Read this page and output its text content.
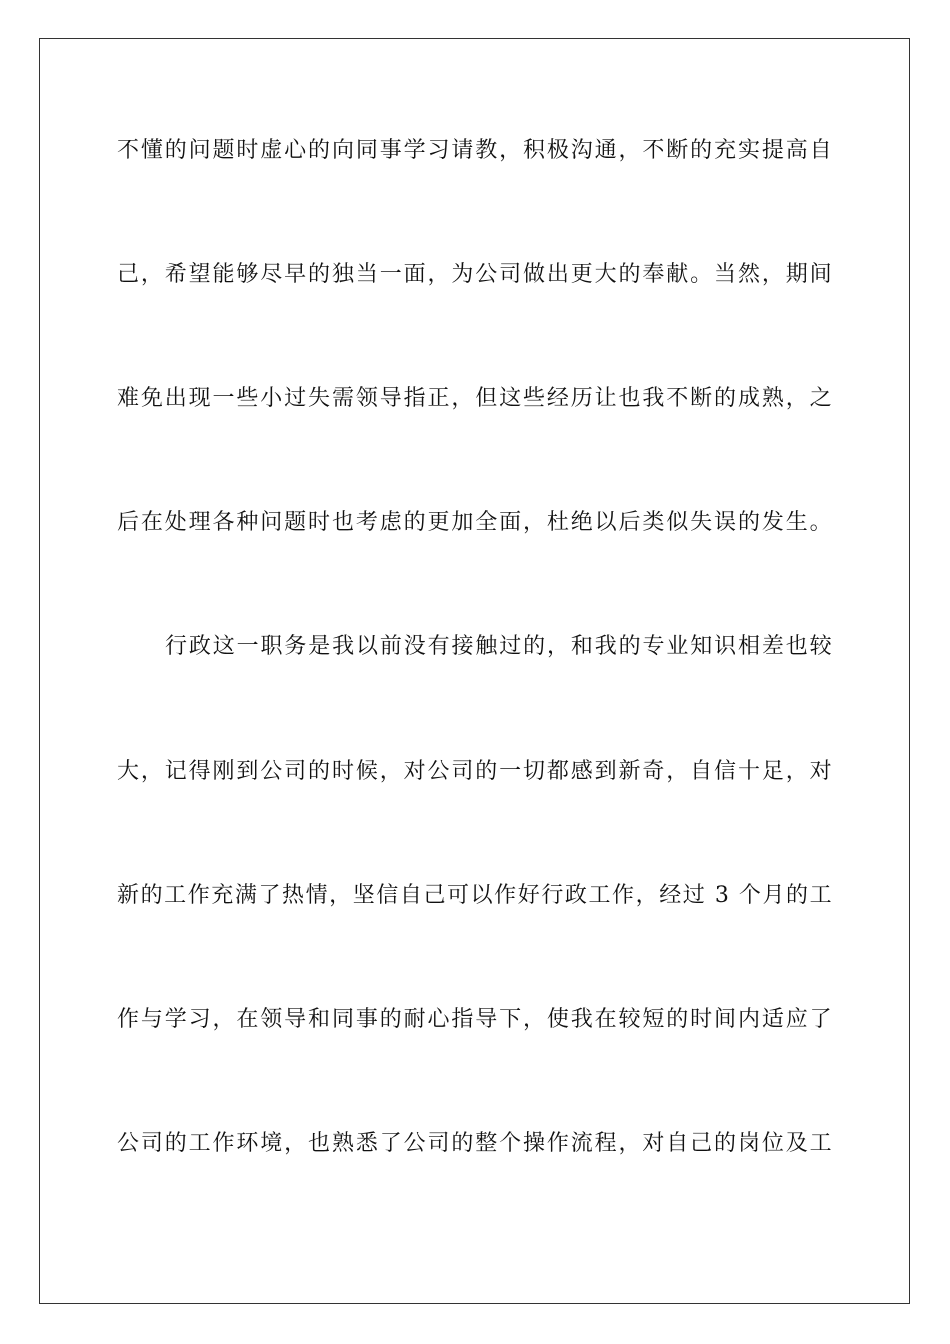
不懂的问题时虚心的向同事学习请教，积极沟通，不断的充实提高自
己，希望能够尽早的独当一面，为公司做出更大的奉献。当然，期间
难免出现一些小过失需领导指正，但这些经历让也我不断的成熟，之
后在处理各种问题时也考虑的更加全面，杜绝以后类似失误的发生。
行政这一职务是我以前没有接触过的，和我的专业知识相差也较
大，记得刚到公司的时候，对公司的一切都感到新奇，自信十足，对
新的工作充满了热情，坚信自己可以作好行政工作，经过 3 个月的工
作与学习，在领导和同事的耐心指导下，使我在较短的时间内适应了
公司的工作环境，也熟悉了公司的整个操作流程，对自己的岗位及工
